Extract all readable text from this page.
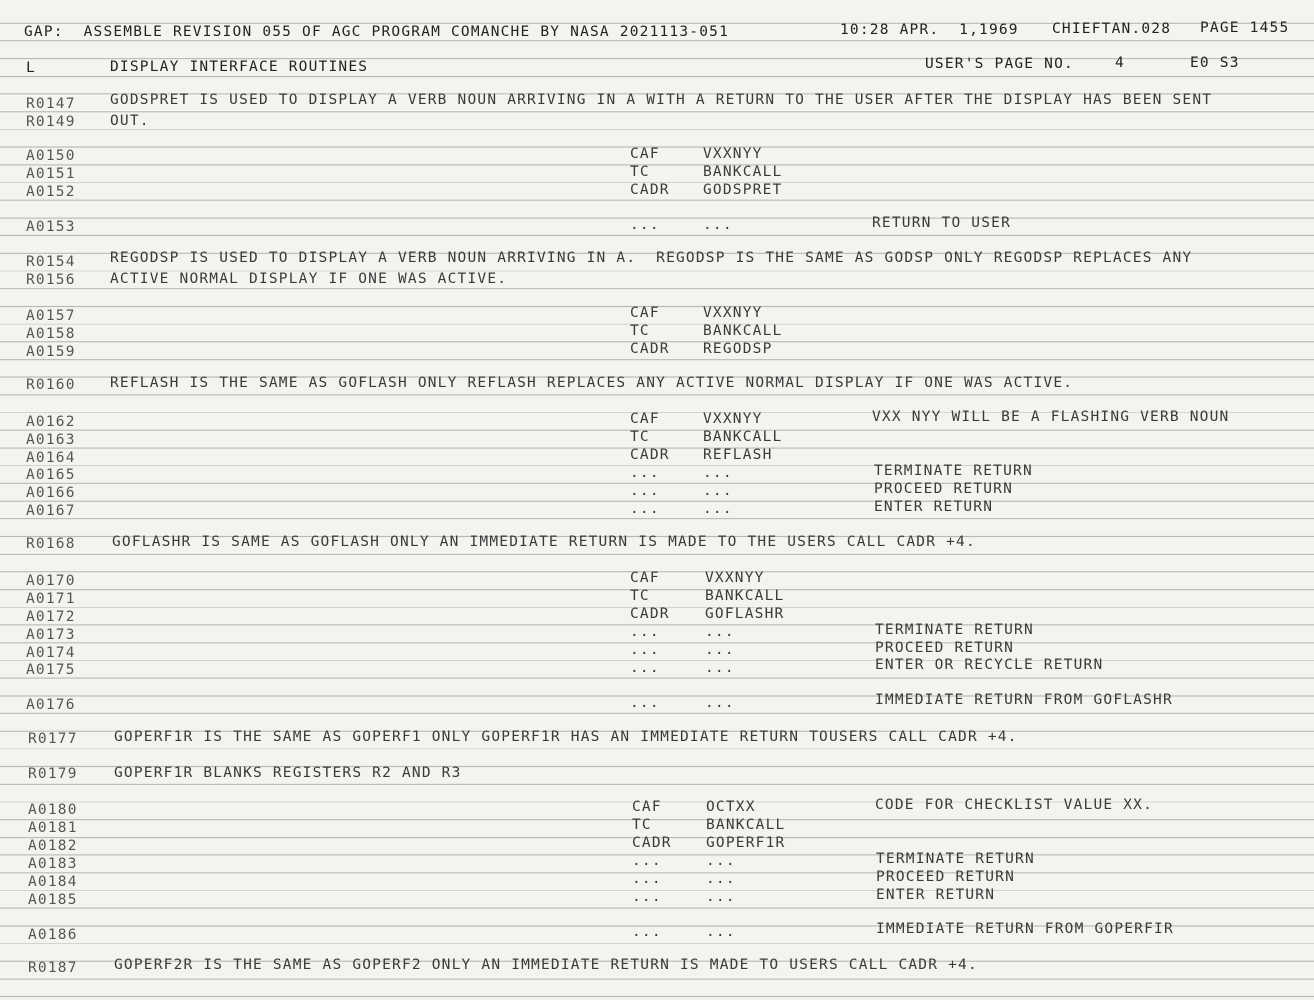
GAP:  ASSEMBLE REVISION 055 OF AGC PROGRAM COMANCHE BY NASA 2021113-051	10:28 APR.  1,1969 CHIEFTAN.028 PAGE 1455
L	DISPLAY INTERFACE ROUTINES	USER'S PAGE NO.	4	E0 S3
R0147 GODSPRET IS USED TO DISPLAY A VERB NOUN ARRIVING IN A WITH A RETURN TO THE USER AFTER THE DISPLAY HAS BEEN SENT
R0149 OUT.
R0154 REGODSP IS USED TO DISPLAY A VERB NOUN ARRIVING IN A.  REGODSP IS THE SAME AS GODSP ONLY REGODSP REPLACES ANY
R0156 ACTIVE NORMAL DISPLAY IF ONE WAS ACTIVE.
R0160 REFLASH IS THE SAME AS GOFLASH ONLY REFLASH REPLACES ANY ACTIVE NORMAL DISPLAY IF ONE WAS ACTIVE.
R0168	GOFLASHR IS SAME AS GOFLASH ONLY AN IMMEDIATE RETURN IS MADE TO THE USERS CALL CADR +4.
R0177	GOPERF1R IS THE SAME AS GOPERF1 ONLY GOPERF1R HAS AN IMMEDIATE RETURN TOUSERS CALL CADR +4.
R0179	GOPERF1R BLANKS REGISTERS R2 AND R3
R0187	GOPERF2R IS THE SAME AS GOPERF2 ONLY AN IMMEDIATE RETURN IS MADE TO USERS CALL CADR +4.
A0150	CAF	VXXNYY
A0151	TC	BANKCALL
A0152	CADR GODSPRET
A0153	...	...	RETURN TO USER
A0157	CAF	VXXNYY
A0158	TC	BANKCALL
A0159	CADR REGODSP
A0162	CAF	VXXNYY	VXX NYY WILL BE A FLASHING VERB NOUN
A0163	TC	BANKCALL
A0164	CADR REFLASH
A0165	...	...	TERMINATE RETURN
A0166	...	...	PROCEED RETURN
A0167	...	...	ENTER RETURN
A0170	CAF	VXXNYY
A0171	TC	BANKCALL
A0172	CADR GOFLASHR
A0173	...	...	TERMINATE RETURN
A0174	...	...	PROCEED RETURN
A0175	...	...	ENTER OR RECYCLE RETURN
A0176	...	...	IMMEDIATE RETURN FROM GOFLASHR
A0180	CAF	OCTXX	CODE FOR CHECKLIST VALUE XX.
A0181	TC	BANKCALL
A0182	CADR GOPERF1R
A0183	...	...	TERMINATE RETURN
A0184	...	...	PROCEED RETURN
A0185	...	...	ENTER RETURN
A0186	...	...	IMMEDIATE RETURN FROM GOPERFIR
